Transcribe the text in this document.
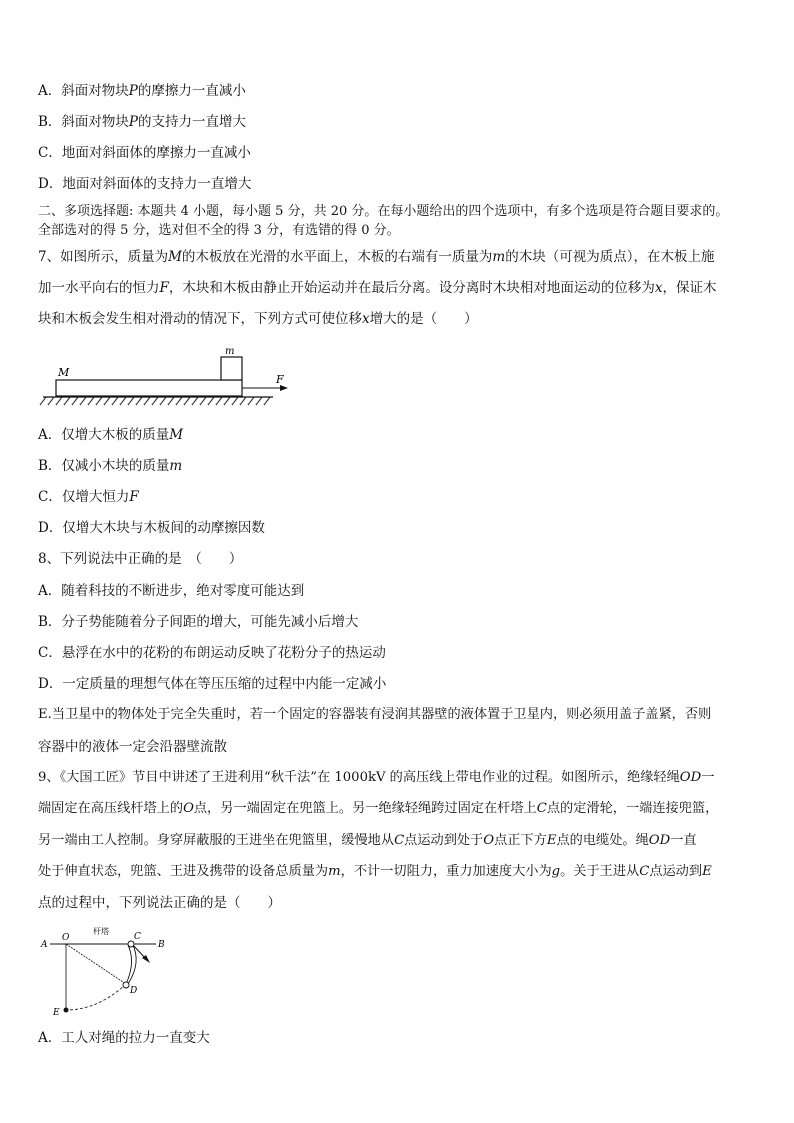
A．斜面对物块P的摩擦力一直减小
B．斜面对物块P的支持力一直增大
C．地面对斜面体的摩擦力一直减小
D．地面对斜面体的支持力一直增大
二、多项选择题: 本题共 4 小题，每小题 5 分，共 20 分。在每小题给出的四个选项中，有多个选项是符合题目要求的。
全部选对的得 5 分，选对但不全的得 3 分，有选错的得 0 分。
7、如图所示，质量为M的木板放在光滑的水平面上，木板的右端有一质量为m的木块（可视为质点），在木板上施
加一水平向右的恒力F，木块和木板由静止开始运动并在最后分离。设分离时木块相对地面运动的位移为x，保证木
块和木板会发生相对滑动的情况下，下列方式可使位移x增大的是（　　）
M
m
F
A．仅增大木板的质量M
B．仅减小木块的质量m
C．仅增大恒力F
D．仅增大木块与木板间的动摩擦因数
8、下列说法中正确的是　（　　）
A．随着科技的不断进步，绝对零度可能达到
B．分子势能随着分子间距的增大，可能先减小后增大
C．悬浮在水中的花粉的布朗运动反映了花粉分子的热运动
D．一定质量的理想气体在等压压缩的过程中内能一定减小
E.当卫星中的物体处于完全失重时，若一个固定的容器装有浸润其器壁的液体置于卫星内，则必须用盖子盖紧，否则
容器中的液体一定会沿器壁流散
9、《大国工匠》节目中讲述了王进利用“秋千法”在 1000kV 的高压线上带电作业的过程。如图所示，绝缘轻绳OD一
端固定在高压线杆塔上的O点，另一端固定在兜篮上。另一绝缘轻绳跨过固定在杆塔上C点的定滑轮，一端连接兜篮，
另一端由工人控制。身穿屏蔽服的王进坐在兜篮里，缓慢地从C点运动到处于O点正下方E点的电缆处。绳OD一直
处于伸直状态，兜篮、王进及携带的设备总质量为m，不计一切阻力，重力加速度大小为g。关于王进从C点运动到E
点的过程中，下列说法正确的是（　　）
A
O
杆塔
C
B
D
E
A．工人对绳的拉力一直变大
